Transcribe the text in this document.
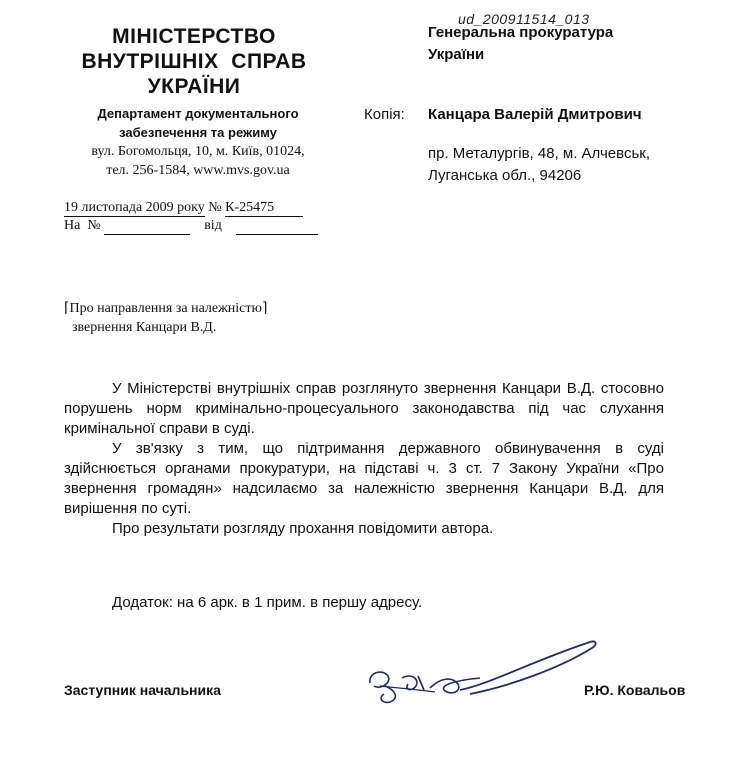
МІНІСТЕРСТВО
ВНУТРІШНІХ  СПРАВ
УКРАЇНИ
Департамент документального
забезпечення та режиму
вул. Богомольця, 10, м. Київ, 01024,
тел. 256-1584, www.mvs.gov.ua
19 листопада 2009 року № К-25475
На  №	від
⌈Про направлення за належністю⌉
звернення Канцари В.Д.
ud_200911514_013
Генеральна прокуратура
України
Копія: Канцара Валерій Дмитрович
пр. Металургів, 48, м. Алчевськ,
Луганська обл., 94206

У Міністерстві внутрішніх справ розглянуто звернення Канцари В.Д. стосовно порушень норм кримінально-процесуального законодавства під час слухання кримінальної справи в суді.

У зв'язку з тим, що підтримання державного обвинувачення в суді здійснюється органами прокуратури, на підставі ч. 3 ст. 7 Закону України «Про звернення громадян» надсилаємо за належністю звернення Канцари В.Д. для вирішення по суті.

Про результати розгляду прохання повідомити автора.

Додаток: на 6 арк. в 1 прим. в першу адресу.
Заступник начальника	Р.Ю. Ковальов
